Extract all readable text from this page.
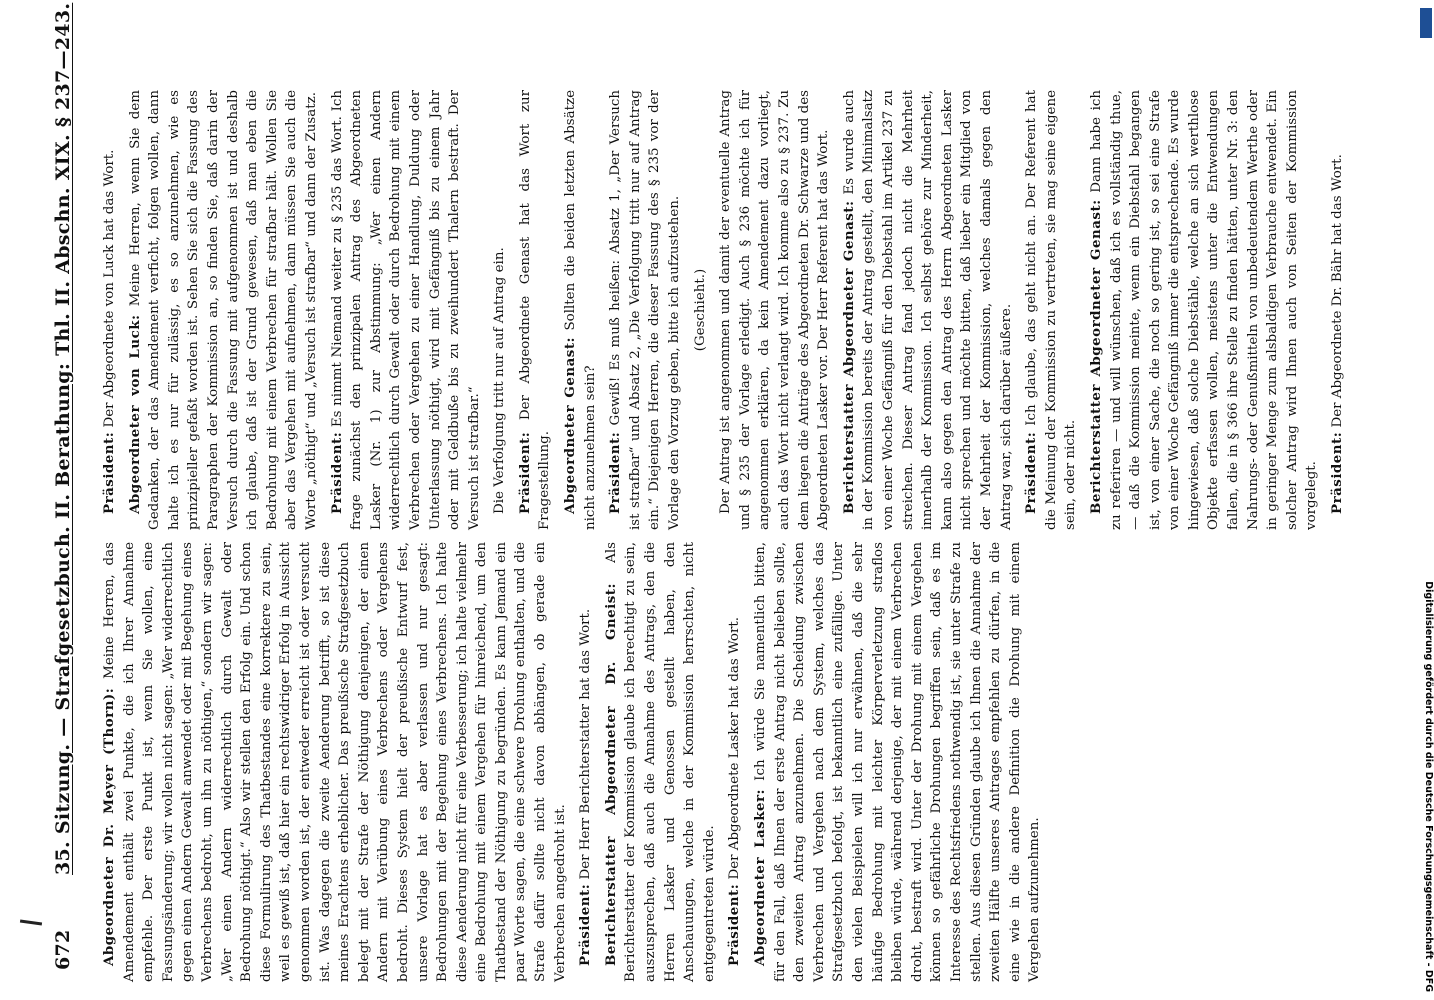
672
35. Sitzung. — Strafgesetzbuch. II. Berathung: Thl. II. Abschn. XIX. § 237—243. Abgeordneter Dr. Meyer (Thorn): Meine Herren, das Amendement enthält zwei Punkte, die ich Ihrer Annahme empfehle. Der erste Punkt ist, wenn Sie wollen, eine Fassungsänderung; wir wollen nicht sagen: „Wer widerrechtlich gegen einen Andern Gewalt anwendet oder mit Begehung eines Verbrechens bedroht, um ihn zu nöthigen,“ sondern wir sagen: „Wer einen Andern widerrechtlich durch Gewalt oder Bedrohung nöthigt.“ Also wir stellen den Erfolg ein. Und schon diese Formulirung des Thatbestandes eine korrektere zu sein, weil es gewiß ist, daß hier ein rechtswidriger Erfolg in Aussicht genommen worden ist, der entweder erreicht ist oder versucht ist. Was dagegen die zweite Aenderung betrifft, so ist diese meines Erachtens erheblicher. Das preußische Strafgesetzbuch belegt mit der Strafe der Nöthigung denjenigen, der einen Andern mit Verübung eines Verbrechens oder Vergehens bedroht. Dieses System hielt der preußische Entwurf fest, unsere Vorlage hat es aber verlassen und nur gesagt: Bedrohungen mit der Begehung eines Verbrechens. Ich halte diese Aenderung nicht für eine Verbesserung; ich halte vielmehr eine Bedrohung mit einem Vergehen für hinreichend, um den Thatbestand der Nöthigung zu begründen. Es kann Jemand ein paar Worte sagen, die eine schwere Drohung enthalten, und die Strafe dafür sollte nicht davon abhängen, ob gerade ein Verbrechen angedroht ist. Präsident: Der Herr Berichterstatter hat das Wort. Berichterstatter Abgeordneter Dr. Gneist: Als Berichterstatter der Kommission glaube ich berechtigt zu sein, auszusprechen, daß auch die Annahme des Antrags, den die Herren Lasker und Genossen gestellt haben, den Anschauungen, welche in der Kommission herrschten, nicht entgegentreten würde. Präsident: Der Abgeordnete Lasker hat das Wort. Abgeordneter Lasker: Ich würde Sie namentlich bitten, für den Fall, daß Ihnen der erste Antrag nicht belieben sollte, den zweiten Antrag anzunehmen. Die Scheidung zwischen Verbrechen und Vergehen nach dem System, welches das Strafgesetzbuch befolgt, ist bekanntlich eine zufällige. Unter den vielen Beispielen will ich nur erwähnen, daß die sehr häufige Bedrohung mit leichter Körperverletzung straflos bleiben würde, während derjenige, der mit einem Verbrechen droht, bestraft wird. Unter der Drohung mit einem Vergehen können so gefährliche Drohungen begriffen sein, daß es im Interesse des Rechtsfriedens nothwendig ist, sie unter Strafe zu stellen. Aus diesen Gründen glaube ich Ihnen die Annahme der zweiten Hälfte unseres Antrages empfehlen zu dürfen, in die eine wie in die andere Definition die Drohung mit einem Vergehen aufzunehmen.

Präsident: Der Abgeordnete von Luck hat das Wort. Abgeordneter von Luck: Meine Herren, wenn Sie dem Gedanken, der das Amendement verficht, folgen wollen, dann halte ich es nur für zulässig, es so anzunehmen, wie es prinzipieller gefaßt worden ist. Sehen Sie sich die Fassung des Paragraphen der Kommission an, so finden Sie, daß darin der Versuch durch die Fassung mit aufgenommen ist und deshalb ich glaube, daß ist der Grund gewesen, daß man eben die Bedrohung mit einem Verbrechen für strafbar hält. Wollen Sie aber das Vergehen mit aufnehmen, dann müssen Sie auch die Worte „nöthigt“ und „Versuch ist strafbar“ und dann der Zusatz. Präsident: Es nimmt Niemand weiter zu § 235 das Wort. Ich frage zunächst den prinzipalen Antrag des Abgeordneten Lasker (Nr. 1) zur Abstimmung: „Wer einen Andern widerrechtlich durch Gewalt oder durch Bedrohung mit einem Verbrechen oder Vergehen zu einer Handlung, Duldung oder Unterlassung nöthigt, wird mit Gefängniß bis zu einem Jahr oder mit Geldbuße bis zu zweihundert Thalern bestraft. Der Versuch ist strafbar.“ Die Verfolgung tritt nur auf Antrag ein. Präsident: Der Abgeordnete Genast hat das Wort zur Fragestellung. Abgeordneter Genast: Sollten die beiden letzten Absätze nicht anzunehmen sein? Präsident: Gewiß! Es muß heißen: Absatz 1, „Der Versuch ist strafbar“ und Absatz 2, „Die Verfolgung tritt nur auf Antrag ein.“ Diejenigen Herren, die dieser Fassung des § 235 vor der Vorlage den Vorzug geben, bitte ich aufzustehen. (Geschieht.) Der Antrag ist angenommen und damit der eventuelle Antrag und § 235 der Vorlage erledigt. Auch § 236 möchte ich für angenommen erklären, da kein Amendement dazu vorliegt, auch das Wort nicht verlangt wird. Ich komme also zu § 237. Zu dem liegen die Anträge des Abgeordneten Dr. Schwarze und des Abgeordneten Lasker vor. Der Herr Referent hat das Wort. Berichterstatter Abgeordneter Genast: Es wurde auch in der Kommission bereits der Antrag gestellt, den Minimalsatz von einer Woche Gefängniß für den Diebstahl im Artikel 237 zu streichen. Dieser Antrag fand jedoch nicht die Mehrheit innerhalb der Kommission. Ich selbst gehöre zur Minderheit, kann also gegen den Antrag des Herrn Abgeordneten Lasker nicht sprechen und möchte bitten, daß lieber ein Mitglied von der Mehrheit der Kommission, welches damals gegen den Antrag war, sich darüber äußere. Präsident: Ich glaube, das geht nicht an. Der Referent hat die Meinung der Kommission zu vertreten, sie mag seine eigene sein, oder nicht. Berichterstatter Abgeordneter Genast: Dann habe ich zu referiren — und will wünschen, daß ich es vollständig thue, — daß die Kommission meinte, wenn ein Diebstahl begangen ist, von einer Sache, die noch so gering ist, so sei eine Strafe von einer Woche Gefängniß immer die entsprechende. Es wurde hingewiesen, daß solche Diebstähle, welche an sich werthlose Objekte erfassen wollen, meistens unter die Entwendungen fallen, die in § 366 ihre Stelle zu finden hätten, unter Nr. 3: den Nahrungs- oder Genußmitteln von unbedeutendem Werthe oder in geringer Menge zum alsbaldigen Verbrauche entwendet. Ein solcher Antrag wird Ihnen auch von Seiten der Kommission vorgelegt. Präsident: Der Abgeordnete Dr. Bähr hat das Wort.

Digitalisierung gefördert durch die Deutsche Forschungsgemeinschaft - DFG
